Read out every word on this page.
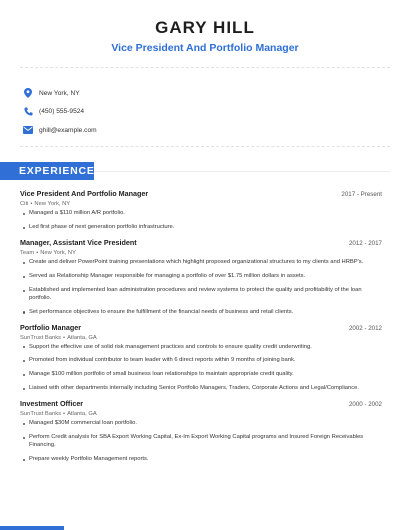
GARY HILL
Vice President And Portfolio Manager
New York, NY
(450) 555-9524
ghill@example.com
EXPERIENCE
Vice President And Portfolio Manager	2017 - Present
Citi • New York, NY
Managed a $110 million A/R portfolio.
Led first phase of next generation portfolio infrastructure.
Manager, Assistant Vice President	2012 - 2017
Team • New York, NY
Create and deliver PowerPoint training presentations which highlight proposed organizational structures to my clients and HRBP's.
Served as Relationship Manager responsible for managing a portfolio of over $1.75 million dollars in assets.
Established and implemented loan administration procedures and review systems to protect the quality and profitability of the loan portfolio.
Set performance objectives to ensure the fulfillment of the financial needs of business and retail clients.
Portfolio Manager	2002 - 2012
SunTrust Banks • Atlanta, GA
Support the effective use of solid risk management practices and controls to ensure quality credit underwriting.
Promoted from individual contributor to team leader with 6 direct reports within 9 months of joining bank.
Manage $100 million portfolio of small business loan relationships to maintain appropriate credit quality.
Liaised with other departments internally including Senior Portfolio Managers, Traders, Corporate Actions and Legal/Compliance.
Investment Officer	2000 - 2002
SunTrust Banks • Atlanta, GA
Managed $30M commercial loan portfolio.
Perform Credit analysis for SBA Export Working Capital, Ex-Im Export Working Capital programs and Insured Foreign Receivables Financing.
Prepare weekly Portfolio Management reports.
